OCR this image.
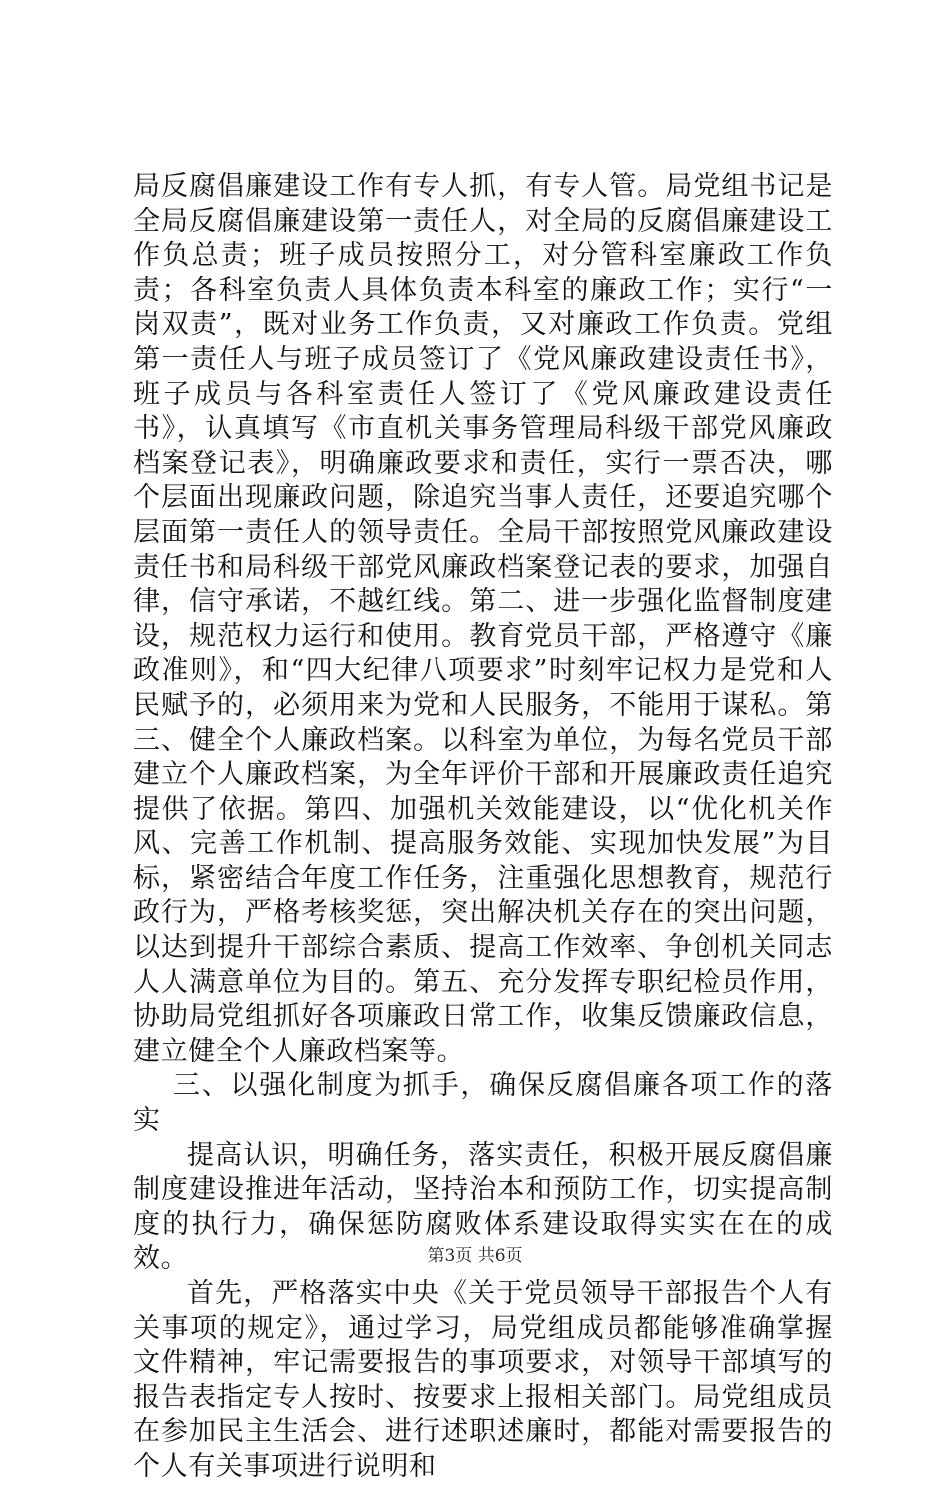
局反腐倡廉建设工作有专人抓，有专人管。局党组书记是全局反腐倡廉建设第一责任人，对全局的反腐倡廉建设工作负总责；班子成员按照分工，对分管科室廉政工作负责；各科室负责人具体负责本科室的廉政工作；实行“一岗双责”，既对业务工作负责，又对廉政工作负责。党组第一责任人与班子成员签订了《党风廉政建设责任书》，班子成员与各科室责任人签订了《党风廉政建设责任书》，认真填写《市直机关事务管理局科级干部党风廉政档案登记表》，明确廉政要求和责任，实行一票否决，哪个层面出现廉政问题，除追究当事人责任，还要追究哪个层面第一责任人的领导责任。全局干部按照党风廉政建设责任书和局科级干部党风廉政档案登记表的要求，加强自律，信守承诺，不越红线。第二、进一步强化监督制度建设，规范权力运行和使用。教育党员干部，严格遵守《廉政准则》，和“四大纪律八项要求”时刻牢记权力是党和人民赋予的，必须用来为党和人民服务，不能用于谋私。第三、健全个人廉政档案。以科室为单位，为每名党员干部建立个人廉政档案，为全年评价干部和开展廉政责任追究提供了依据。第四、加强机关效能建设，以“优化机关作风、完善工作机制、提高服务效能、实现加快发展”为目标，紧密结合年度工作任务，注重强化思想教育，规范行政行为，严格考核奖惩，突出解决机关存在的突出问题，以达到提升干部综合素质、提高工作效率、争创机关同志人人满意单位为目的。第五、充分发挥专职纪检员作用，协助局党组抓好各项廉政日常工作，收集反馈廉政信息，建立健全个人廉政档案等。

三、以强化制度为抓手，确保反腐倡廉各项工作的落实

提高认识，明确任务，落实责任，积极开展反腐倡廉制度建设推进年活动，坚持治本和预防工作，切实提高制度的执行力，确保惩防腐败体系建设取得实实在在的成效。

首先，严格落实中央《关于党员领导干部报告个人有关事项的规定》，通过学习，局党组成员都能够准确掌握文件精神，牢记需要报告的事项要求，对领导干部填写的报告表指定专人按时、按要求上报相关部门。局党组成员在参加民主生活会、进行述职述廉时，都能对需要报告的个人有关事项进行说明和

第3页 共6页
